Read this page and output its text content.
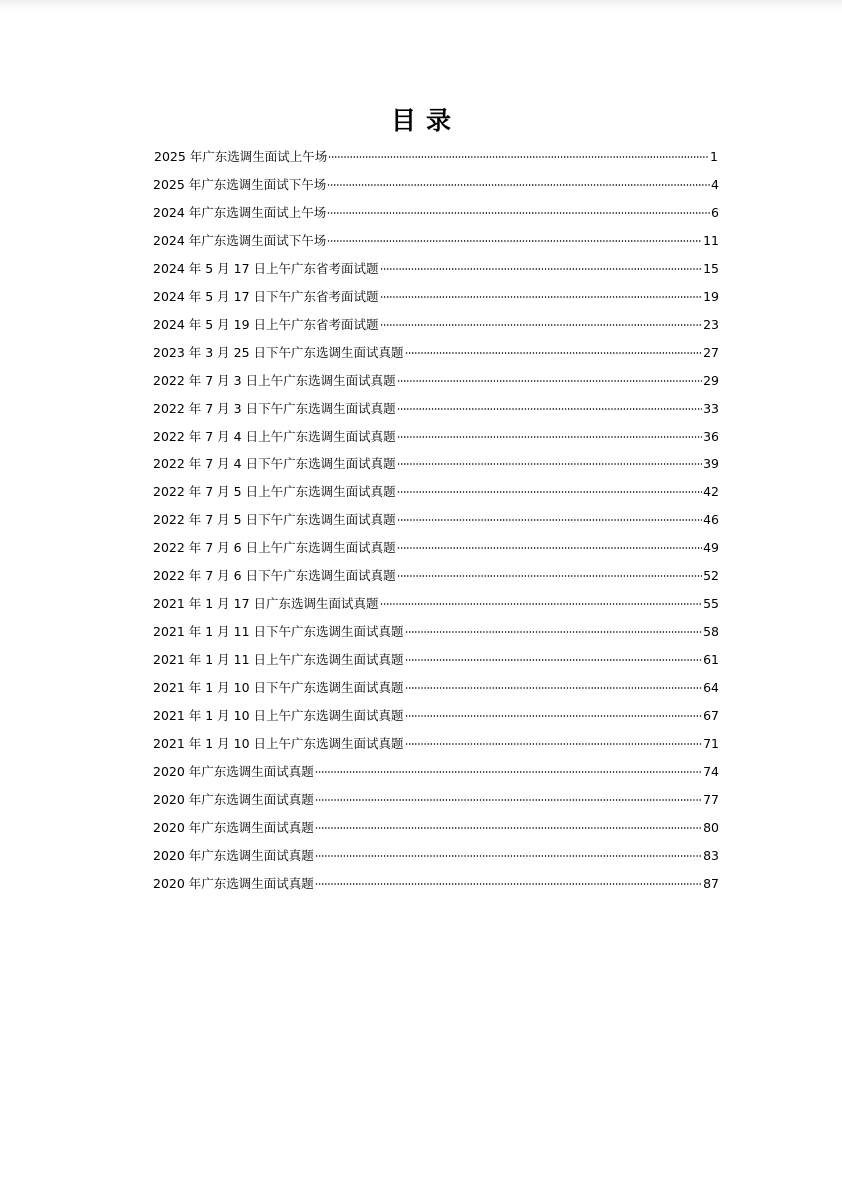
目录
2025 年广东选调生面试上午场	1
2025 年广东选调生面试下午场	4
2024 年广东选调生面试上午场	6
2024 年广东选调生面试下午场	11
2024 年 5 月 17 日上午广东省考面试题	15
2024 年 5 月 17 日下午广东省考面试题	19
2024 年 5 月 19 日上午广东省考面试题	23
2023 年 3 月 25 日下午广东选调生面试真题	27
2022 年 7 月 3 日上午广东选调生面试真题	29
2022 年 7 月 3 日下午广东选调生面试真题	33
2022 年 7 月 4 日上午广东选调生面试真题	36
2022 年 7 月 4 日下午广东选调生面试真题	39
2022 年 7 月 5 日上午广东选调生面试真题	42
2022 年 7 月 5 日下午广东选调生面试真题	46
2022 年 7 月 6 日上午广东选调生面试真题	49
2022 年 7 月 6 日下午广东选调生面试真题	52
2021 年 1 月 17 日广东选调生面试真题	55
2021 年 1 月 11 日下午广东选调生面试真题	58
2021 年 1 月 11 日上午广东选调生面试真题	61
2021 年 1 月 10 日下午广东选调生面试真题	64
2021 年 1 月 10 日上午广东选调生面试真题	67
2021 年 1 月 10 日上午广东选调生面试真题	71
2020 年广东选调生面试真题	74
2020 年广东选调生面试真题	77
2020 年广东选调生面试真题	80
2020 年广东选调生面试真题	83
2020 年广东选调生面试真题	87
